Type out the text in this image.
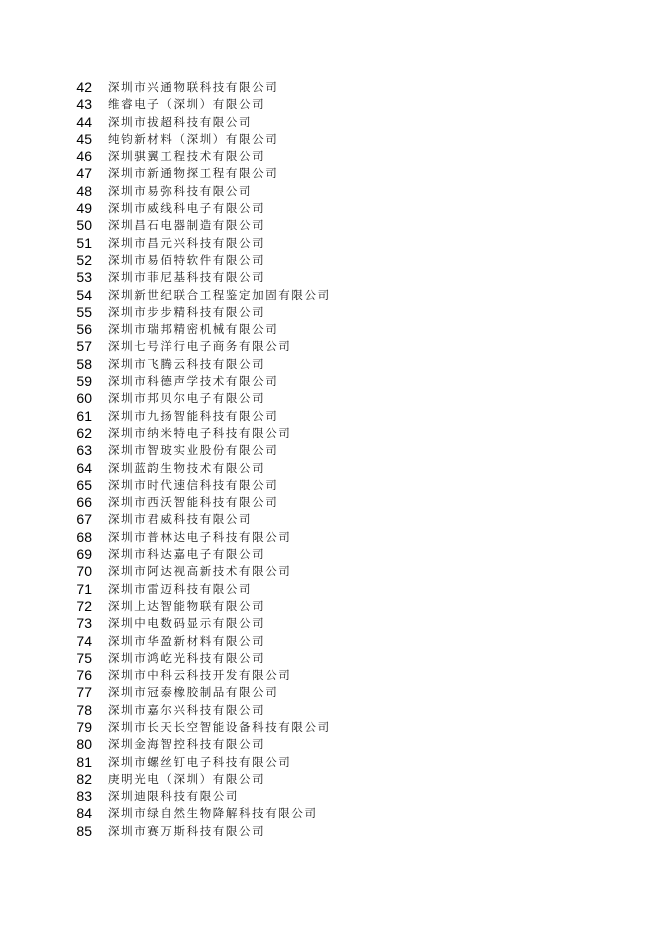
42 深圳市兴通物联科技有限公司
43 维睿电子（深圳）有限公司
44 深圳市拔超科技有限公司
45 纯钧新材料（深圳）有限公司
46 深圳骐翼工程技术有限公司
47 深圳市新通物探工程有限公司
48 深圳市易弥科技有限公司
49 深圳市威线科电子有限公司
50 深圳昌石电器制造有限公司
51 深圳市昌元兴科技有限公司
52 深圳市易佰特软件有限公司
53 深圳市菲尼基科技有限公司
54 深圳新世纪联合工程鉴定加固有限公司
55 深圳市步步精科技有限公司
56 深圳市瑞邦精密机械有限公司
57 深圳七号洋行电子商务有限公司
58 深圳市飞腾云科技有限公司
59 深圳市科德声学技术有限公司
60 深圳市邦贝尔电子有限公司
61 深圳市九扬智能科技有限公司
62 深圳市纳米特电子科技有限公司
63 深圳市智玻实业股份有限公司
64 深圳蓝韵生物技术有限公司
65 深圳市时代速信科技有限公司
66 深圳市西沃智能科技有限公司
67 深圳市君威科技有限公司
68 深圳市普林达电子科技有限公司
69 深圳市科达嘉电子有限公司
70 深圳市阿达视高新技术有限公司
71 深圳市雷迈科技有限公司
72 深圳上达智能物联有限公司
73 深圳中电数码显示有限公司
74 深圳市华盈新材料有限公司
75 深圳市鸿屹光科技有限公司
76 深圳市中科云科技开发有限公司
77 深圳市冠泰橡胶制品有限公司
78 深圳市嘉尔兴科技有限公司
79 深圳市长天长空智能设备科技有限公司
80 深圳金海智控科技有限公司
81 深圳市螺丝钉电子科技有限公司
82 庚明光电（深圳）有限公司
83 深圳迪限科技有限公司
84 深圳市绿自然生物降解科技有限公司
85 深圳市赛万斯科技有限公司
